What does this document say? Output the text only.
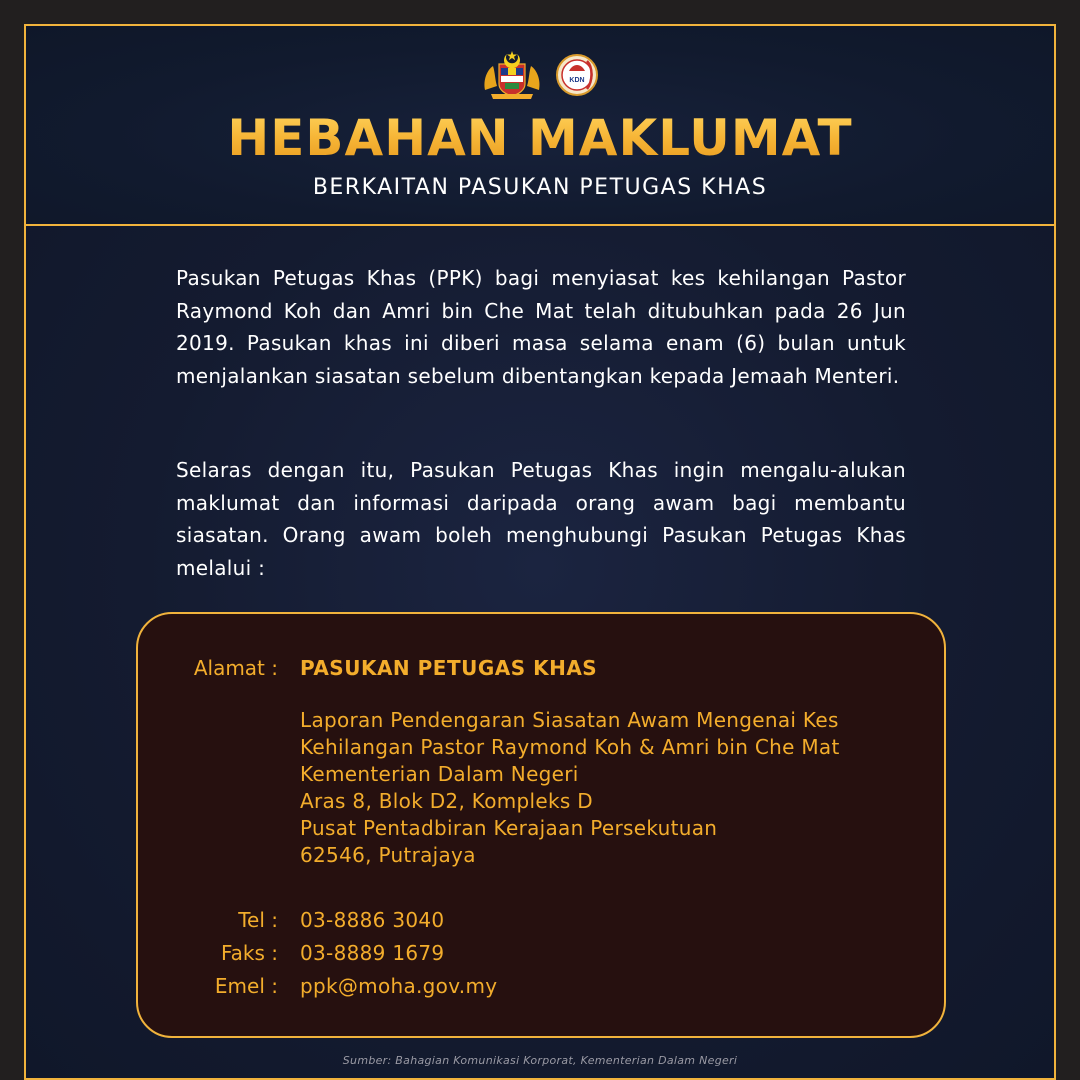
KDN
HEBAHAN MAKLUMAT
BERKAITAN PASUKAN PETUGAS KHAS
Pasukan Petugas Khas (PPK) bagi menyiasat kes kehilangan Pastor Raymond Koh dan Amri bin Che Mat telah ditubuhkan pada 26 Jun 2019. Pasukan khas ini diberi masa selama enam (6) bulan untuk menjalankan siasatan sebelum dibentangkan kepada Jemaah Menteri.
Selaras dengan itu, Pasukan Petugas Khas ingin mengalu-alukan maklumat dan informasi daripada orang awam bagi membantu siasatan. Orang awam boleh menghubungi Pasukan Petugas Khas melalui :
Alamat : PASUKAN PETUGAS KHAS
Laporan Pendengaran Siasatan Awam Mengenai Kes
Kehilangan Pastor Raymond Koh & Amri bin Che Mat
Kementerian Dalam Negeri
Aras 8, Blok D2, Kompleks D
Pusat Pentadbiran Kerajaan Persekutuan
62546, Putrajaya
Tel : 03-8886 3040
Faks : 03-8889 1679
Emel : ppk@moha.gov.my
Sumber: Bahagian Komunikasi Korporat, Kementerian Dalam Negeri
